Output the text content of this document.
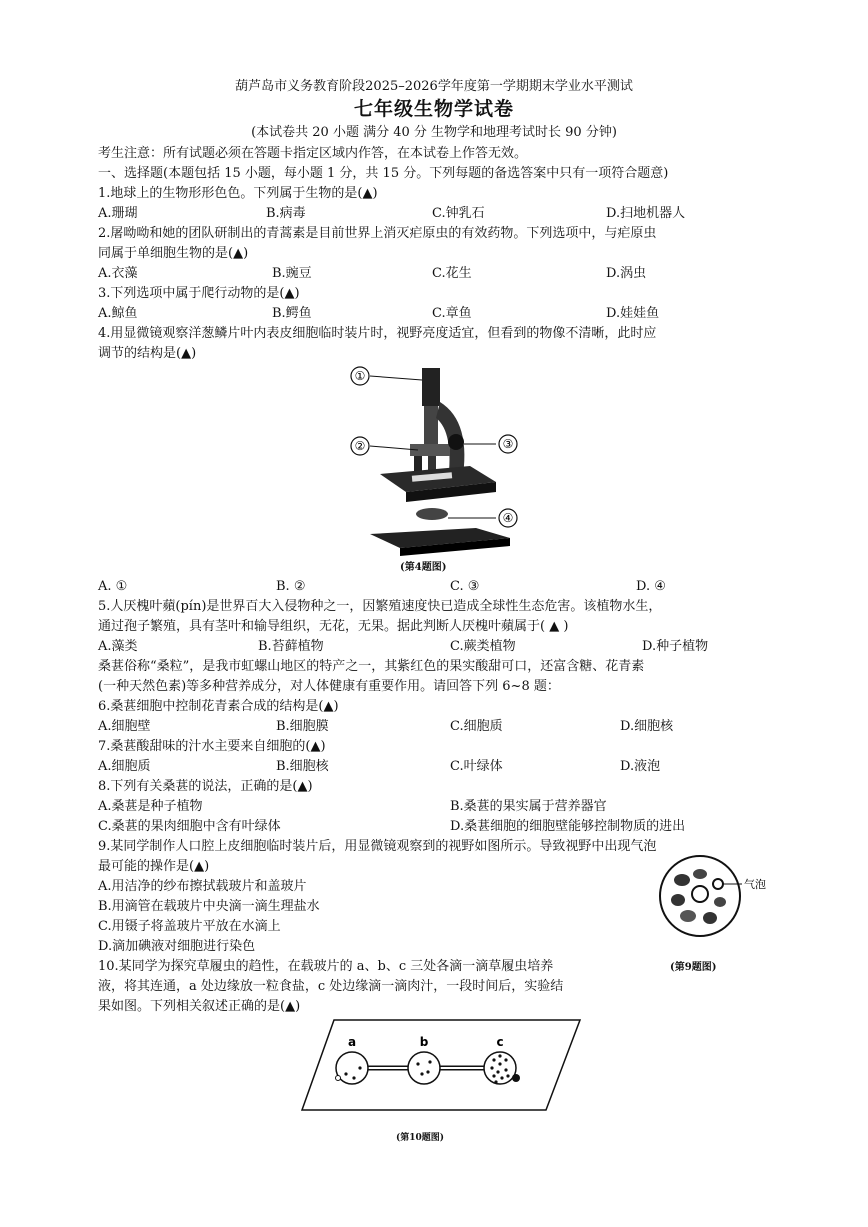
葫芦岛市义务教育阶段2025–2026学年度第一学期期末学业水平测试
七年级生物学试卷
(本试卷共 20 小题 满分 40 分 生物学和地理考试时长 90 分钟)
考生注意：所有试题必须在答题卡指定区域内作答，在本试卷上作答无效。
一、选择题(本题包括 15 小题，每小题 1 分，共 15 分。下列每题的备选答案中只有一项符合题意)
1.地球上的生物形形色色。下列属于生物的是(▲)
A.珊瑚	B.病毒	C.钟乳石	D.扫地机器人
2.屠呦呦和她的团队研制出的青蒿素是目前世界上消灭疟原虫的有效药物。下列选项中，与疟原虫
同属于单细胞生物的是(▲)
A.衣藻	B.豌豆	C.花生	D.涡虫
3.下列选项中属于爬行动物的是(▲)
A.鲸鱼	B.鳄鱼	C.章鱼	D.娃娃鱼
4.用显微镜观察洋葱鳞片叶内表皮细胞临时装片时，视野亮度适宜，但看到的物像不清晰，此时应
调节的结构是(▲)
①
②	③
④
(第4题图)
A. ①	B. ②	C. ③	D. ④
5.人厌槐叶蘋(pín)是世界百大入侵物种之一，因繁殖速度快已造成全球性生态危害。该植物水生，
通过孢子繁殖，具有茎叶和输导组织，无花，无果。据此判断人厌槐叶蘋属于( ▲ )
A.藻类	B.苔藓植物	C.蕨类植物	D.种子植物
桑葚俗称“桑粒”，是我市虹螺山地区的特产之一，其紫红色的果实酸甜可口，还富含糖、花青素
(一种天然色素)等多种营养成分，对人体健康有重要作用。请回答下列 6~8 题：
6.桑葚细胞中控制花青素合成的结构是(▲)
A.细胞壁	B.细胞膜	C.细胞质	D.细胞核
7.桑葚酸甜味的汁水主要来自细胞的(▲)
A.细胞质	B.细胞核	C.叶绿体	D.液泡
8.下列有关桑葚的说法，正确的是(▲)
A.桑葚是种子植物	B.桑葚的果实属于营养器官
C.桑葚的果肉细胞中含有叶绿体	D.桑葚细胞的细胞壁能够控制物质的进出
9.某同学制作人口腔上皮细胞临时装片后，用显微镜观察到的视野如图所示。导致视野中出现气泡
最可能的操作是(▲)
A.用洁净的纱布擦拭载玻片和盖玻片
B.用滴管在载玻片中央滴一滴生理盐水
C.用镊子将盖玻片平放在水滴上
D.滴加碘液对细胞进行染色
气泡
(第9题图)
10.某同学为探究草履虫的趋性，在载玻片的 a、b、c 三处各滴一滴草履虫培养
液，将其连通，a 处边缘放一粒食盐，c 处边缘滴一滴肉汁，一段时间后，实验结
果如图。下列相关叙述正确的是(▲)
a	b	c
(第10题图)
